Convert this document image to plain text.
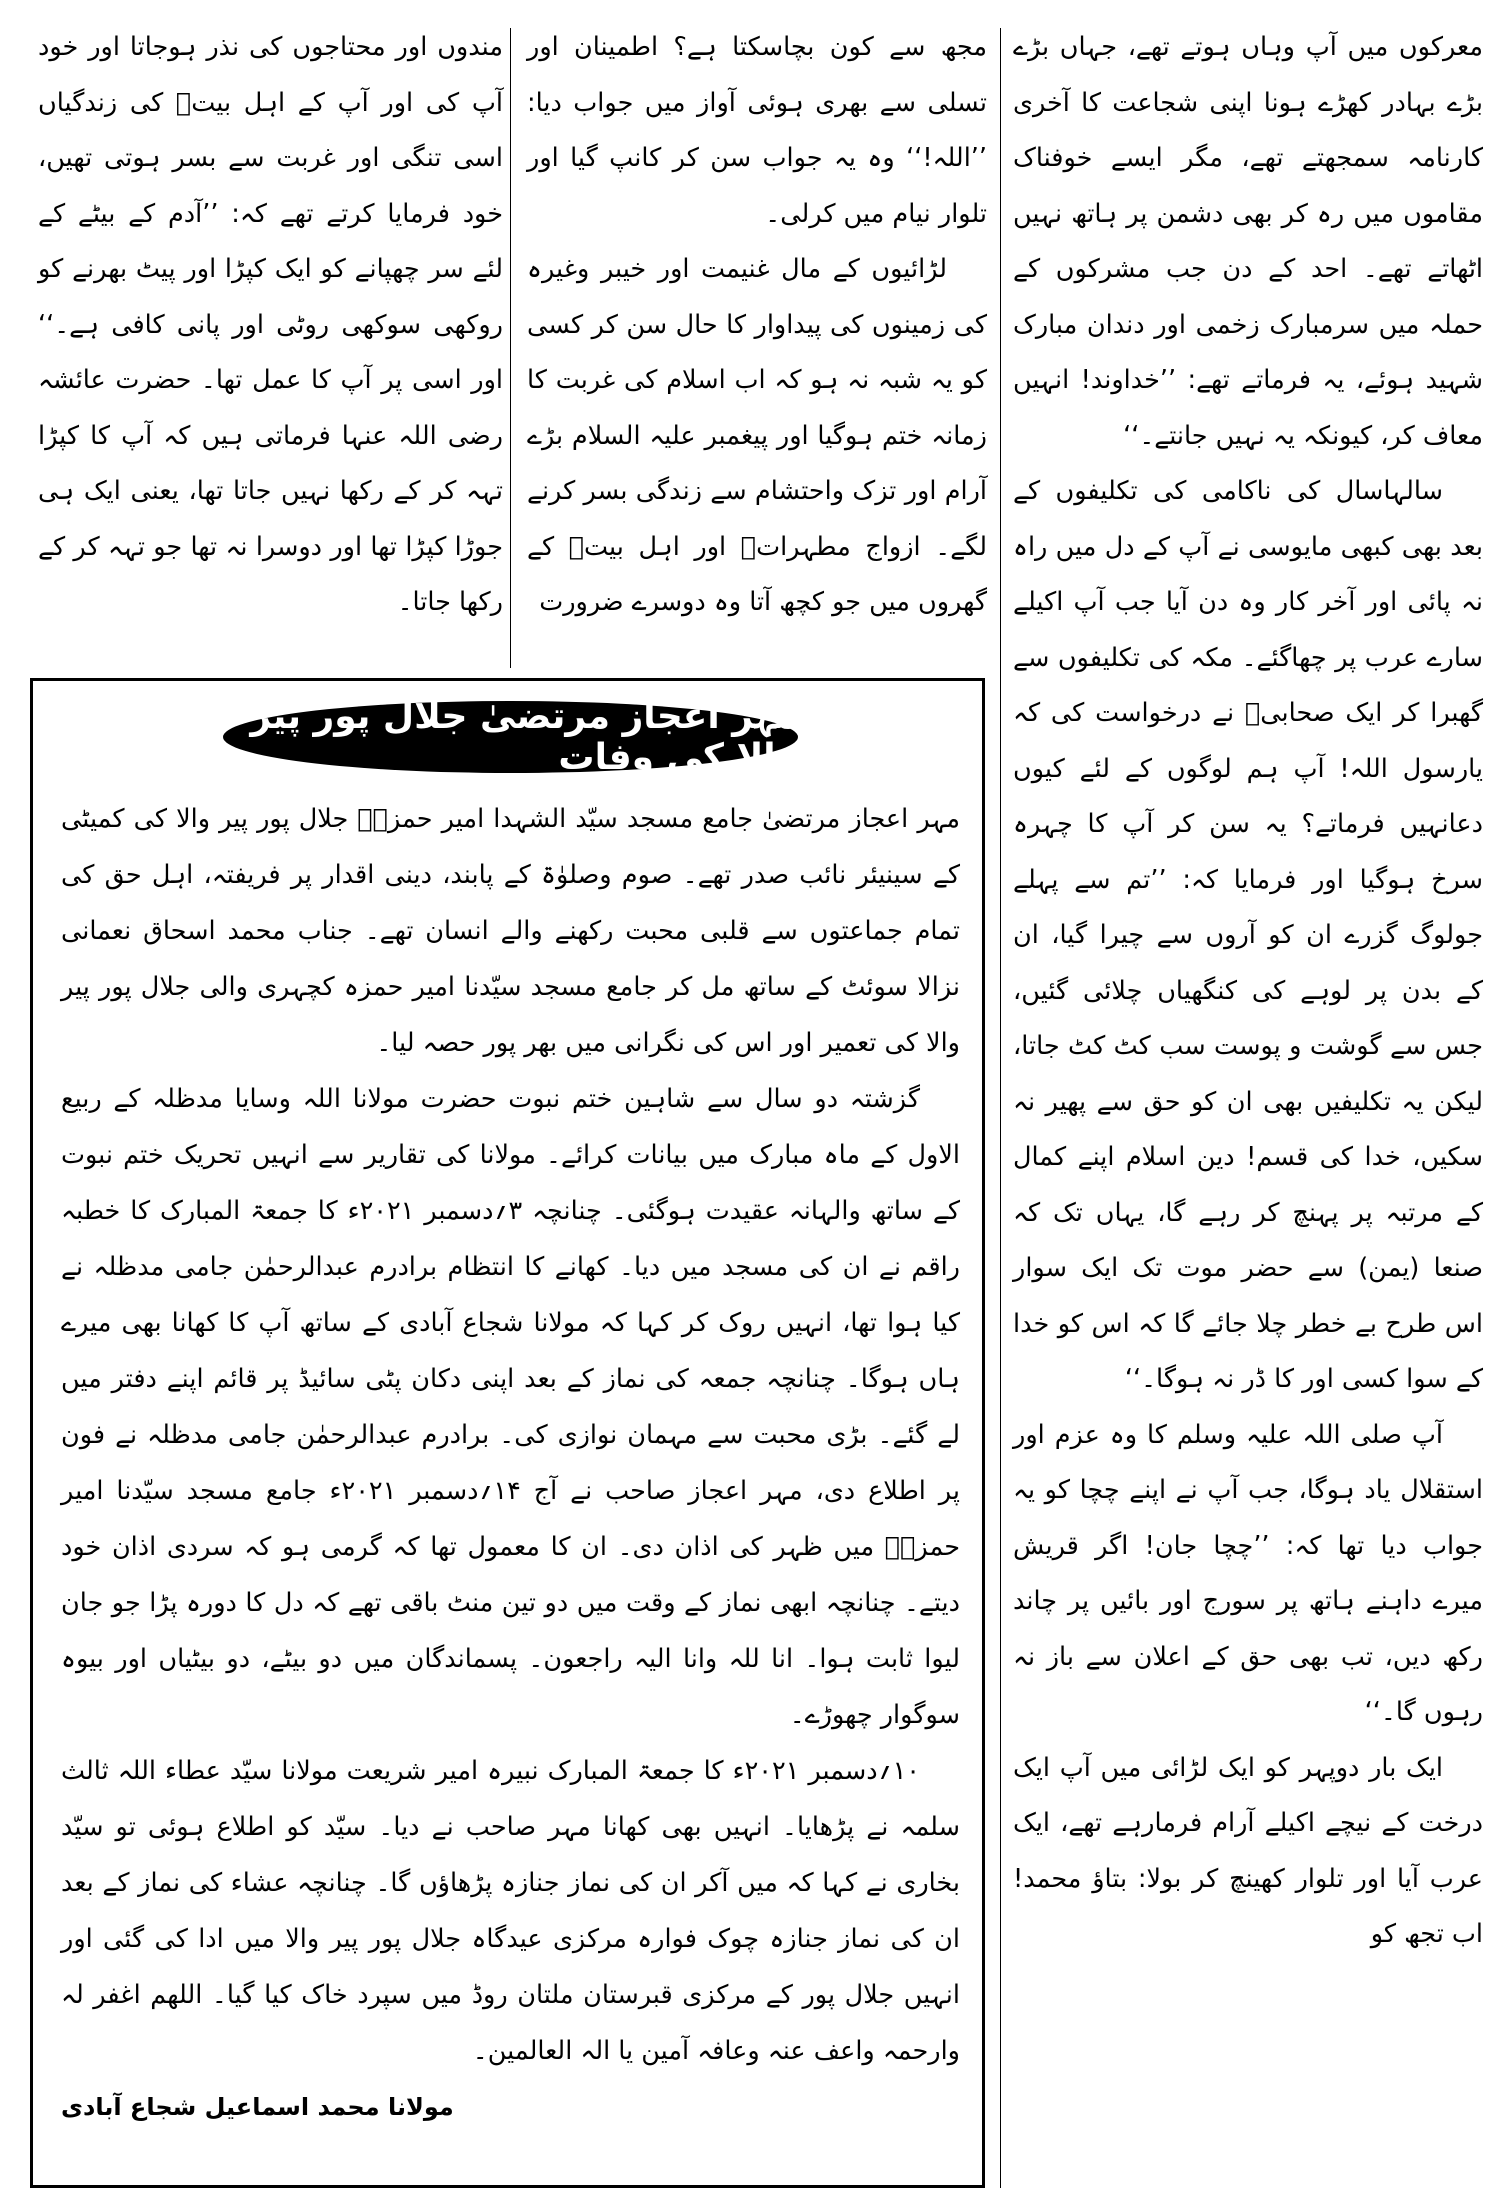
معرکوں میں آپ وہاں ہوتے تھے، جہاں بڑے بڑے بہادر کھڑے ہونا اپنی شجاعت کا آخری کارنامہ سمجھتے تھے، مگر ایسے خوفناک مقاموں میں رہ کر بھی دشمن پر ہاتھ نہیں اٹھاتے تھے۔ احد کے دن جب مشرکوں کے حملہ میں سرمبارک زخمی اور دندان مبارک شہید ہوئے، یہ فرماتے تھے: ’’خداوند! انہیں معاف کر، کیونکہ یہ نہیں جانتے۔‘‘

سالہاسال کی ناکامی کی تکلیفوں کے بعد بھی کبھی مایوسی نے آپ کے دل میں راہ نہ پائی اور آخر کار وہ دن آیا جب آپ اکیلے سارے عرب پر چھاگئے۔ مکہ کی تکلیفوں سے گھبرا کر ایک صحابیؓ نے درخواست کی کہ یارسول اللہ! آپ ہم لوگوں کے لئے کیوں دعانہیں فرماتے؟ یہ سن کر آپ کا چہرہ سرخ ہوگیا اور فرمایا کہ: ’’تم سے پہلے جولوگ گزرے ان کو آروں سے چیرا گیا، ان کے بدن پر لوہے کی کنگھیاں چلائی گئیں، جس سے گوشت و پوست سب کٹ کٹ جاتا، لیکن یہ تکلیفیں بھی ان کو حق سے پھیر نہ سکیں، خدا کی قسم! دین اسلام اپنے کمال کے مرتبہ پر پہنچ کر رہے گا، یہاں تک کہ صنعا (یمن) سے حضر موت تک ایک سوار اس طرح بے خطر چلا جائے گا کہ اس کو خدا کے سوا کسی اور کا ڈر نہ ہوگا۔‘‘

آپ صلی اللہ علیہ وسلم کا وہ عزم اور استقلال یاد ہوگا، جب آپ نے اپنے چچا کو یہ جواب دیا تھا کہ: ’’چچا جان! اگر قریش میرے داہنے ہاتھ پر سورج اور بائیں پر چاند رکھ دیں، تب بھی حق کے اعلان سے باز نہ رہوں گا۔‘‘

ایک بار دوپہر کو ایک لڑائی میں آپ ایک درخت کے نیچے اکیلے آرام فرمارہے تھے، ایک عرب آیا اور تلوار کھینچ کر بولا: بتاؤ محمد! اب تجھ کو

مجھ سے کون بچاسکتا ہے؟ اطمینان اور تسلی سے بھری ہوئی آواز میں جواب دیا: ’’اللہ!‘‘ وہ یہ جواب سن کر کانپ گیا اور تلوار نیام میں کرلی۔

لڑائیوں کے مال غنیمت اور خیبر وغیرہ کی زمینوں کی پیداوار کا حال سن کر کسی کو یہ شبہ نہ ہو کہ اب اسلام کی غربت کا زمانہ ختم ہوگیا اور پیغمبر علیہ السلام بڑے آرام اور تزک واحتشام سے زندگی بسر کرنے لگے۔ ازواج مطہراتؓ اور اہل بیتؓ کے گھروں میں جو کچھ آتا وہ دوسرے ضرورت

مندوں اور محتاجوں کی نذر ہوجاتا اور خود آپ کی اور آپ کے اہل بیتؓ کی زندگیاں اسی تنگی اور غربت سے بسر ہوتی تھیں، خود فرمایا کرتے تھے کہ: ’’آدم کے بیٹے کے لئے سر چھپانے کو ایک کپڑا اور پیٹ بھرنے کو روکھی سوکھی روٹی اور پانی کافی ہے۔‘‘ اور اسی پر آپ کا عمل تھا۔ حضرت عائشہ رضی اللہ عنہا فرماتی ہیں کہ آپ کا کپڑا تہہ کر کے رکھا نہیں جاتا تھا، یعنی ایک ہی جوڑا کپڑا تھا اور دوسرا نہ تھا جو تہہ کر کے رکھا جاتا۔

مہر اعجاز مرتضیٰ جلال پور پیر والا کی وفات

مہر اعجاز مرتضیٰ جامع مسجد سیّد الشہدا امیر حمزہؓ جلال پور پیر والا کی کمیٹی کے سینیئر نائب صدر تھے۔ صوم وصلوٰۃ کے پابند، دینی اقدار پر فریفتہ، اہل حق کی تمام جماعتوں سے قلبی محبت رکھنے والے انسان تھے۔ جناب محمد اسحاق نعمانی نزالا سوئٹ کے ساتھ مل کر جامع مسجد سیّدنا امیر حمزہ کچہری والی جلال پور پیر والا کی تعمیر اور اس کی نگرانی میں بھر پور حصہ لیا۔

گزشتہ دو سال سے شاہین ختم نبوت حضرت مولانا اللہ وسایا مدظلہ کے ربیع الاول کے ماہ مبارک میں بیانات کرائے۔ مولانا کی تقاریر سے انہیں تحریک ختم نبوت کے ساتھ والہانہ عقیدت ہوگئی۔ چنانچہ ۳؍دسمبر ۲۰۲۱ء کا جمعۃ المبارک کا خطبہ راقم نے ان کی مسجد میں دیا۔ کھانے کا انتظام برادرم عبدالرحمٰن جامی مدظلہ نے کیا ہوا تھا، انہیں روک کر کہا کہ مولانا شجاع آبادی کے ساتھ آپ کا کھانا بھی میرے ہاں ہوگا۔ چنانچہ جمعہ کی نماز کے بعد اپنی دکان پٹی سائیڈ پر قائم اپنے دفتر میں لے گئے۔ بڑی محبت سے مہمان نوازی کی۔ برادرم عبدالرحمٰن جامی مدظلہ نے فون پر اطلاع دی، مہر اعجاز صاحب نے آج ۱۴؍دسمبر ۲۰۲۱ء جامع مسجد سیّدنا امیر حمزہؓ میں ظہر کی اذان دی۔ ان کا معمول تھا کہ گرمی ہو کہ سردی اذان خود دیتے۔ چنانچہ ابھی نماز کے وقت میں دو تین منٹ باقی تھے کہ دل کا دورہ پڑا جو جان لیوا ثابت ہوا۔ انا للہ وانا الیہ راجعون۔ پسماندگان میں دو بیٹے، دو بیٹیاں اور بیوہ سوگوار چھوڑے۔

۱۰؍دسمبر ۲۰۲۱ء کا جمعۃ المبارک نبیرہ امیر شریعت مولانا سیّد عطاء اللہ ثالث سلمہ نے پڑھایا۔ انہیں بھی کھانا مہر صاحب نے دیا۔ سیّد کو اطلاع ہوئی تو سیّد بخاری نے کہا کہ میں آکر ان کی نماز جنازہ پڑھاؤں گا۔ چنانچہ عشاء کی نماز کے بعد ان کی نماز جنازہ چوک فوارہ مرکزی عیدگاہ جلال پور پیر والا میں ادا کی گئی اور انہیں جلال پور کے مرکزی قبرستان ملتان روڈ میں سپرد خاک کیا گیا۔ اللھم اغفر لہ وارحمہ واعف عنہ وعافہ آمین یا الہ العالمین۔

مولانا محمد اسماعیل شجاع آبادی
